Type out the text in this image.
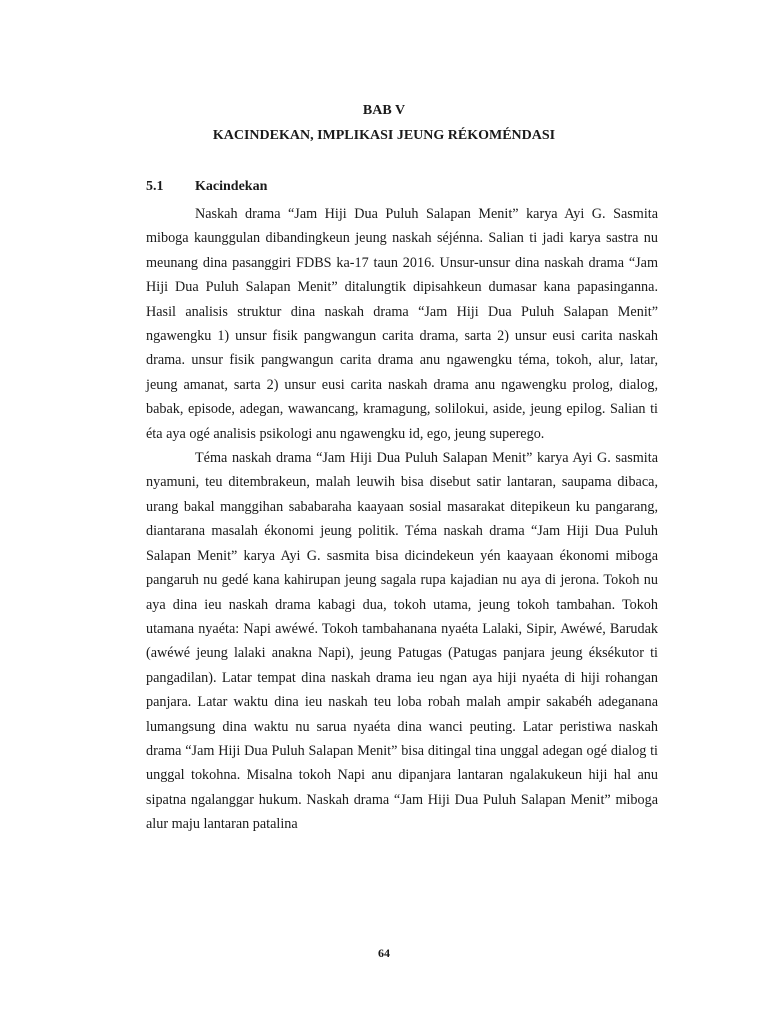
BAB V
KACINDEKAN, IMPLIKASI JEUNG RÉKOMÉNDASI
5.1 Kacindekan

Naskah drama “Jam Hiji Dua Puluh Salapan Menit” karya Ayi G. Sasmita miboga kaunggulan dibandingkeun jeung naskah séjénna. Salian ti jadi karya sastra nu meunang dina pasanggiri FDBS ka-17 taun 2016. Unsur-unsur dina naskah drama “Jam Hiji Dua Puluh Salapan Menit” ditalungtik dipisahkeun dumasar kana papasinganna. Hasil analisis struktur dina naskah drama “Jam Hiji Dua Puluh Salapan Menit” ngawengku 1) unsur fisik pangwangun carita drama, sarta 2) unsur eusi carita naskah drama. unsur fisik pangwangun carita drama anu ngawengku téma, tokoh, alur, latar, jeung amanat, sarta 2) unsur eusi carita naskah drama anu ngawengku prolog, dialog, babak, episode, adegan, wawancang, kramagung, solilokui, aside, jeung epilog. Salian ti éta aya ogé analisis psikologi anu ngawengku id, ego, jeung superego.

Téma naskah drama “Jam Hiji Dua Puluh Salapan Menit” karya Ayi G. sasmita nyamuni, teu ditembrakeun, malah leuwih bisa disebut satir lantaran, saupama dibaca, urang bakal manggihan sababaraha kaayaan sosial masarakat ditepikeun ku pangarang, diantarana masalah ékonomi jeung politik. Téma naskah drama “Jam Hiji Dua Puluh Salapan Menit” karya Ayi G. sasmita bisa dicindekeun yén kaayaan ékonomi miboga pangaruh nu gedé kana kahirupan jeung sagala rupa kajadian nu aya di jerona. Tokoh nu aya dina ieu naskah drama kabagi dua, tokoh utama, jeung tokoh tambahan. Tokoh utamana nyaéta: Napi awéwé. Tokoh tambahanana nyaéta Lalaki, Sipir, Awéwé, Barudak (awéwé jeung lalaki anakna Napi), jeung Patugas (Patugas panjara jeung éksékutor ti pangadilan). Latar tempat dina naskah drama ieu ngan aya hiji nyaéta di hiji rohangan panjara. Latar waktu dina ieu naskah teu loba robah malah ampir sakabéh adeganana lumangsung dina waktu nu sarua nyaéta dina wanci peuting. Latar peristiwa naskah drama “Jam Hiji Dua Puluh Salapan Menit” bisa ditingal tina unggal adegan ogé dialog ti unggal tokohna. Misalna tokoh Napi anu dipanjara lantaran ngalakukeun hiji hal anu sipatna ngalanggar hukum. Naskah drama “Jam Hiji Dua Puluh Salapan Menit” miboga alur maju lantaran patalina

64
